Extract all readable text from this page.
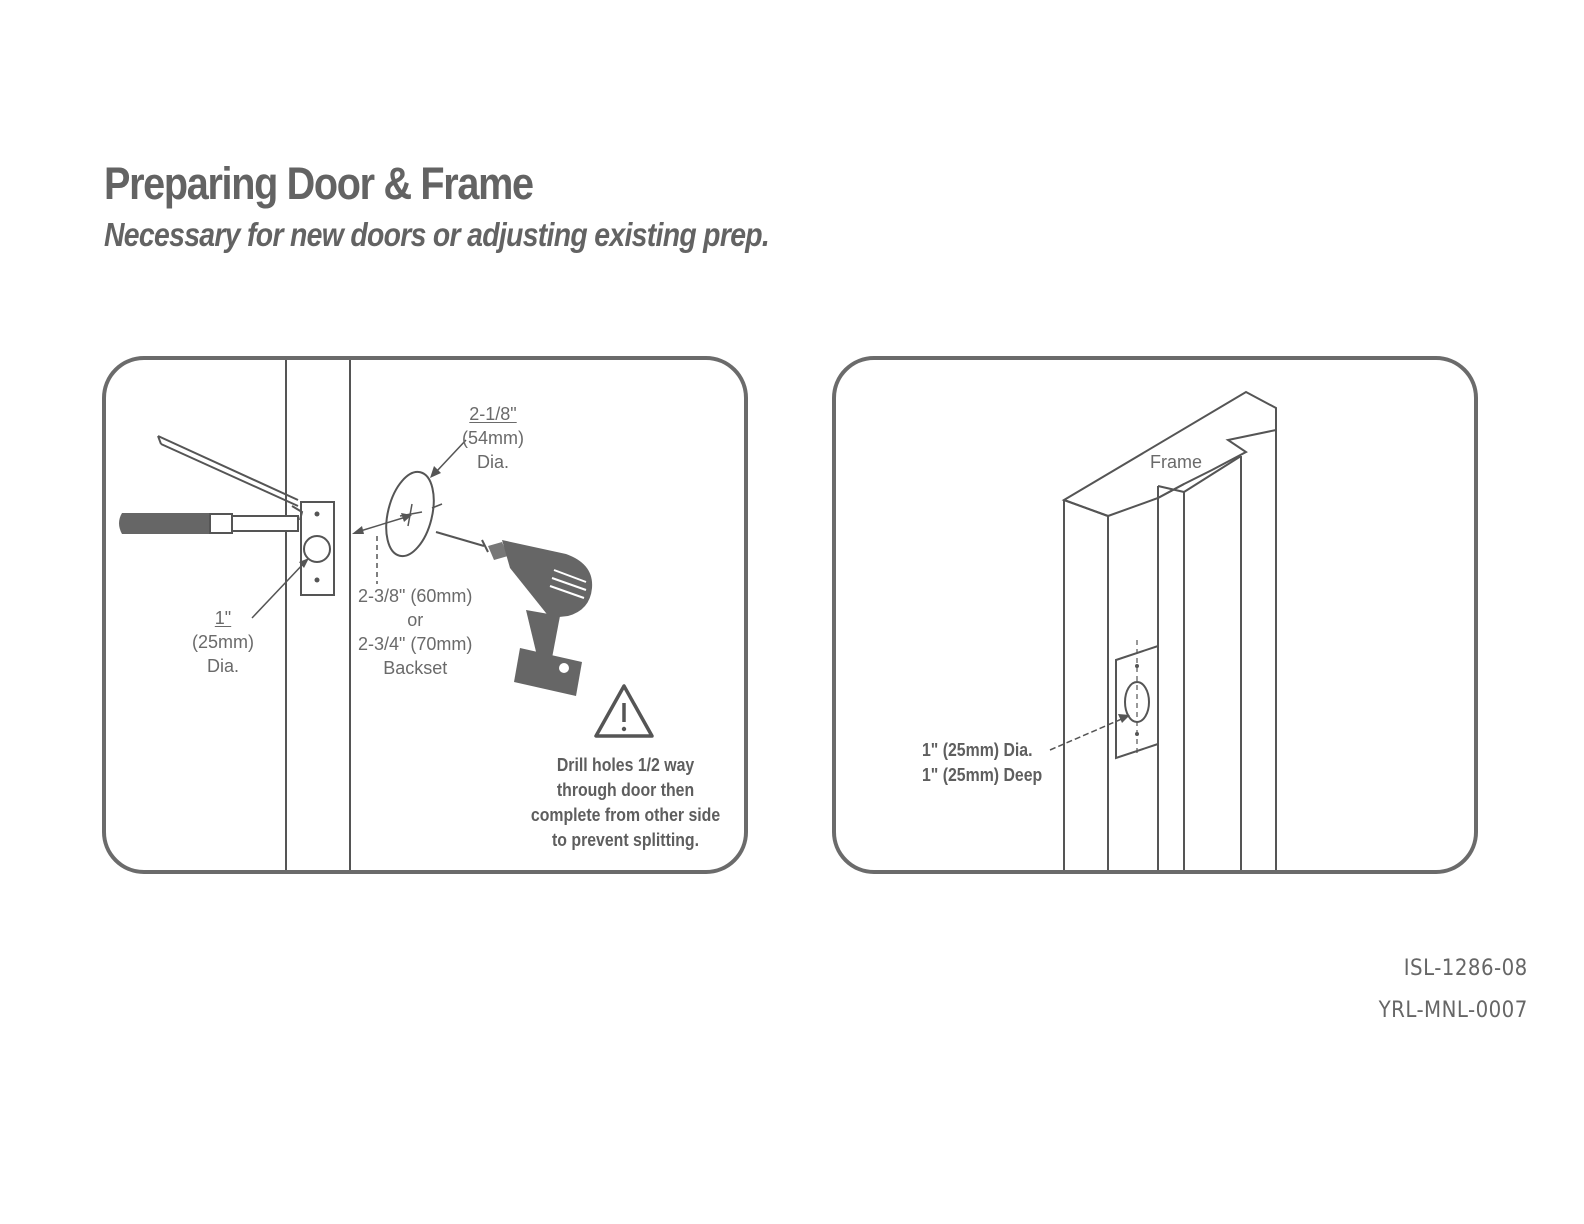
Preparing Door & Frame
Necessary for new doors or adjusting existing prep.
2-1/8"
(54mm)
Dia.
1"
(25mm)
Dia.
2-3/8" (60mm)
or
2-3/4" (70mm)
Backset
Drill holes 1/2 way
through door then
complete from other side
to prevent splitting.
Frame
1" (25mm) Dia.
1" (25mm) Deep
ISL-1286-08
YRL-MNL-0007
